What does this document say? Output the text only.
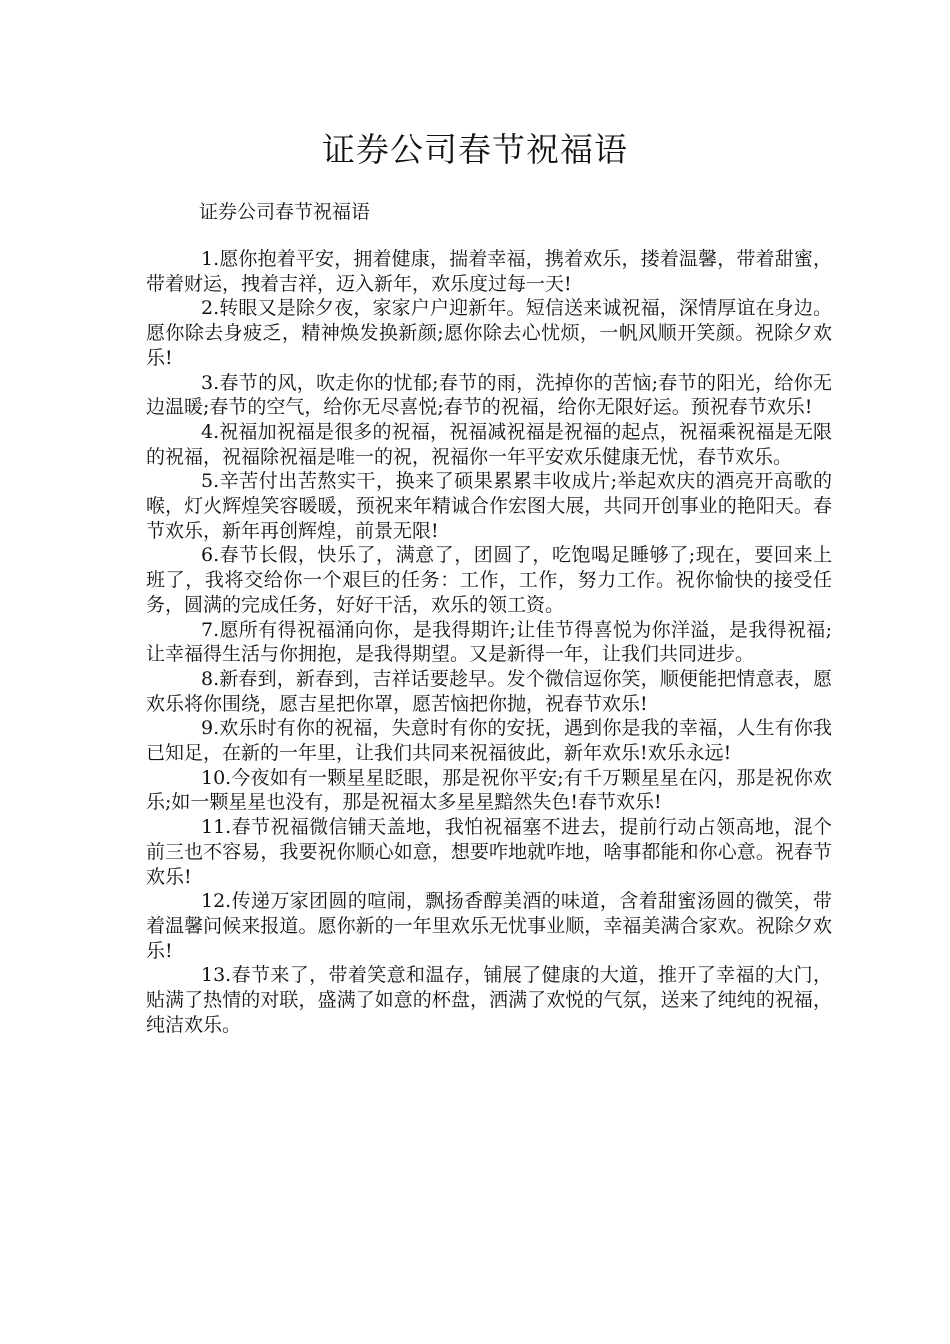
证券公司春节祝福语

证券公司春节祝福语

1.愿你抱着平安，拥着健康，揣着幸福，携着欢乐，搂着温馨，带着甜蜜，带着财运，拽着吉祥，迈入新年，欢乐度过每一天!

2.转眼又是除夕夜，家家户户迎新年。短信送来诚祝福，深情厚谊在身边。愿你除去身疲乏，精神焕发换新颜;愿你除去心忧烦，一帆风顺开笑颜。祝除夕欢乐!

3.春节的风，吹走你的忧郁;春节的雨，洗掉你的苦恼;春节的阳光，给你无边温暖;春节的空气，给你无尽喜悦;春节的祝福，给你无限好运。预祝春节欢乐!

4.祝福加祝福是很多的祝福，祝福减祝福是祝福的起点，祝福乘祝福是无限的祝福，祝福除祝福是唯一的祝，祝福你一年平安欢乐健康无忧，春节欢乐。

5.辛苦付出苦熬实干，换来了硕果累累丰收成片;举起欢庆的酒亮开高歌的喉，灯火辉煌笑容暖暖，预祝来年精诚合作宏图大展，共同开创事业的艳阳天。春节欢乐，新年再创辉煌，前景无限!

6.春节长假，快乐了，满意了，团圆了，吃饱喝足睡够了;现在，要回来上班了，我将交给你一个艰巨的任务：工作，工作，努力工作。祝你愉快的接受任务，圆满的完成任务，好好干活，欢乐的领工资。

7.愿所有得祝福涌向你，是我得期许;让佳节得喜悦为你洋溢，是我得祝福;让幸福得生活与你拥抱，是我得期望。又是新得一年，让我们共同进步。

8.新春到，新春到，吉祥话要趁早。发个微信逗你笑，顺便能把情意表，愿欢乐将你围绕，愿吉星把你罩，愿苦恼把你抛，祝春节欢乐!

9.欢乐时有你的祝福，失意时有你的安抚，遇到你是我的幸福，人生有你我已知足，在新的一年里，让我们共同来祝福彼此，新年欢乐!欢乐永远!

10.今夜如有一颗星星眨眼，那是祝你平安;有千万颗星星在闪，那是祝你欢乐;如一颗星星也没有，那是祝福太多星星黯然失色!春节欢乐!

11.春节祝福微信铺天盖地，我怕祝福塞不进去，提前行动占领高地，混个前三也不容易，我要祝你顺心如意，想要咋地就咋地，啥事都能和你心意。祝春节欢乐!

12.传递万家团圆的喧闹，飘扬香醇美酒的味道，含着甜蜜汤圆的微笑，带着温馨问候来报道。愿你新的一年里欢乐无忧事业顺，幸福美满合家欢。祝除夕欢乐!

13.春节来了，带着笑意和温存，铺展了健康的大道，推开了幸福的大门，贴满了热情的对联，盛满了如意的杯盘，洒满了欢悦的气氛，送来了纯纯的祝福，纯洁欢乐。
